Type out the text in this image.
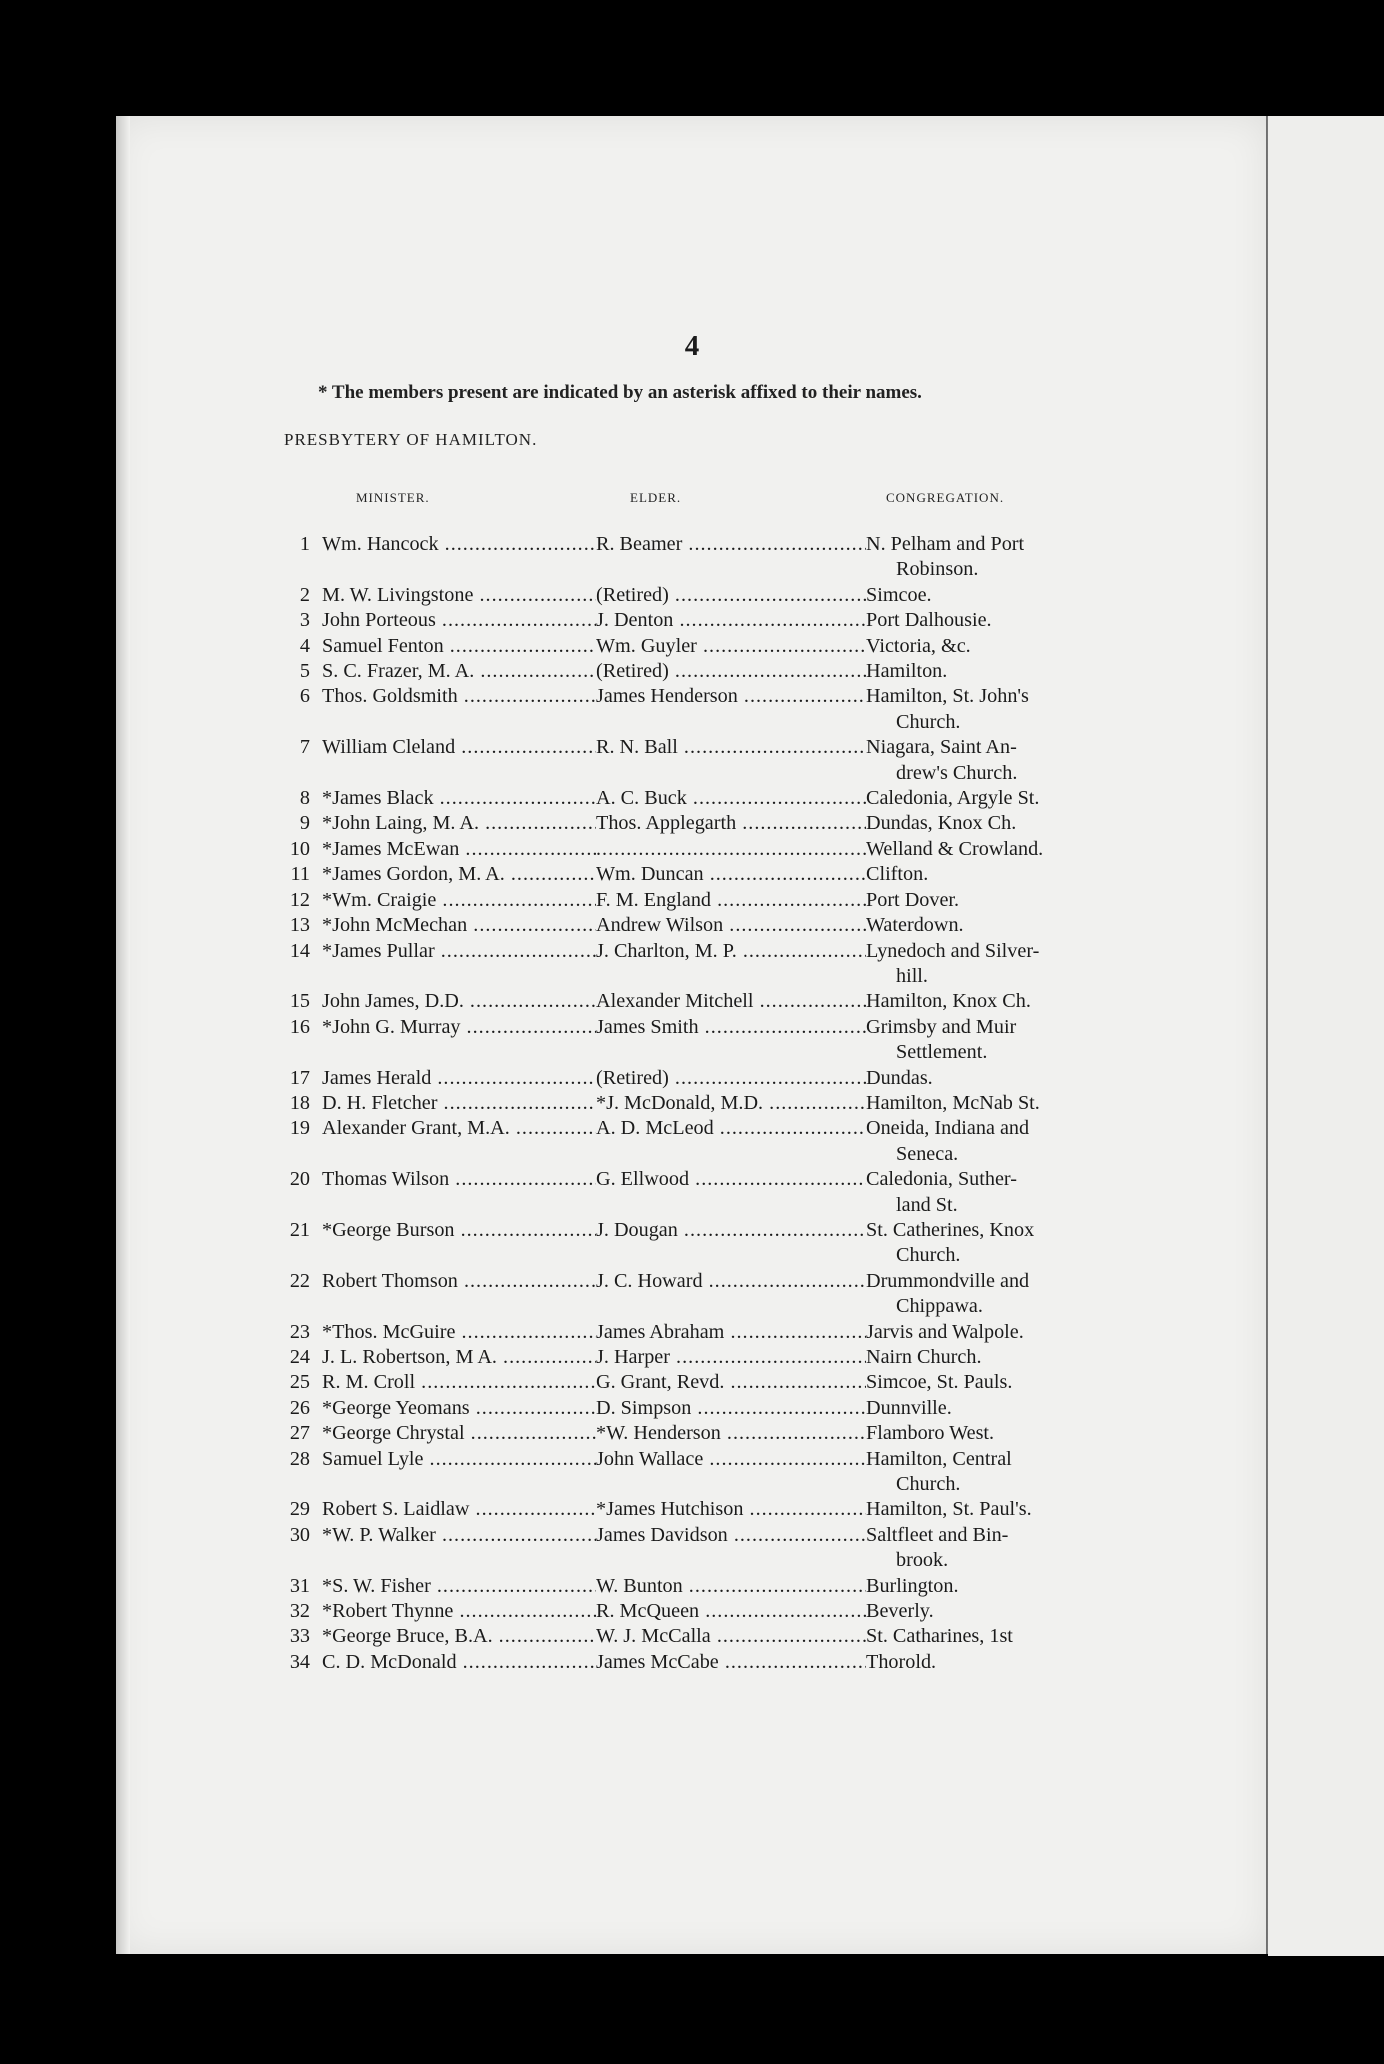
4
* The members present are indicated by an asterisk affixed to their names.
PRESBYTERY OF HAMILTON.
MINISTER.	ELDER.	CONGREGATION.
1 Wm. Hancock .....	R. Beamer .....	N. Pelham and Port
Robinson.
2 M. W. Livingstone .....	(Retired) .....	Simcoe.
3 John Porteous .....	J. Denton .....	Port Dalhousie.
4 Samuel Fenton .....	Wm. Guyler .....	Victoria, &c.
5 S. C. Frazer, M. A. .....	(Retired) .....	Hamilton.
6 Thos. Goldsmith .....	James Henderson .....	Hamilton, St. John's
Church.
7 William Cleland .....	R. N. Ball .....	Niagara, Saint An-
drew's Church.
8 *James Black .....	A. C. Buck .....	Caledonia, Argyle St.
9 *John Laing, M. A. .....	Thos. Applegarth .....	Dundas, Knox Ch.
10 *James McEwan .....
.....	Welland & Crowland.
11 *James Gordon, M. A. .....	Wm. Duncan .....	Clifton.
12 *Wm. Craigie .....	F. M. England .....	Port Dover.
13 *John McMechan .....	Andrew Wilson .....	Waterdown.
14 *James Pullar .....	J. Charlton, M. P. .....	Lynedoch and Silver-
hill.
15 John James, D.D. .....	Alexander Mitchell .....	Hamilton, Knox Ch.
16 *John G. Murray .....	James Smith .....	Grimsby and Muir
Settlement.
17 James Herald .....	(Retired) .....	Dundas.
18 D. H. Fletcher .....	*J. McDonald, M.D. .....	Hamilton, McNab St.
19 Alexander Grant, M.A. .....	A. D. McLeod .....	Oneida, Indiana and
Seneca.
20 Thomas Wilson .....	G. Ellwood .....	Caledonia, Suther-
land St.
21 *George Burson .....	J. Dougan .....	St. Catherines, Knox
Church.
22 Robert Thomson .....	J. C. Howard .....	Drummondville and
Chippawa.
23 *Thos. McGuire .....	James Abraham .....	Jarvis and Walpole.
24 J. L. Robertson, M A. .....	J. Harper .....	Nairn Church.
25 R. M. Croll .....	G. Grant, Revd. .....	Simcoe, St. Pauls.
26 *George Yeomans .....	D. Simpson .....	Dunnville.
27 *George Chrystal .....	*W. Henderson .....	Flamboro West.
28 Samuel Lyle .....	John Wallace .....	Hamilton, Central
Church.
29 Robert S. Laidlaw .....	*James Hutchison .....	Hamilton, St. Paul's.
30 *W. P. Walker .....	James Davidson .....	Saltfleet and Bin-
brook.
31 *S. W. Fisher .....	W. Bunton .....	Burlington.
32 *Robert Thynne .....	R. McQueen .....	Beverly.
33 *George Bruce, B.A. .....	W. J. McCalla .....	St. Catharines, 1st
34 C. D. McDonald .....	James McCabe .....	Thorold.
